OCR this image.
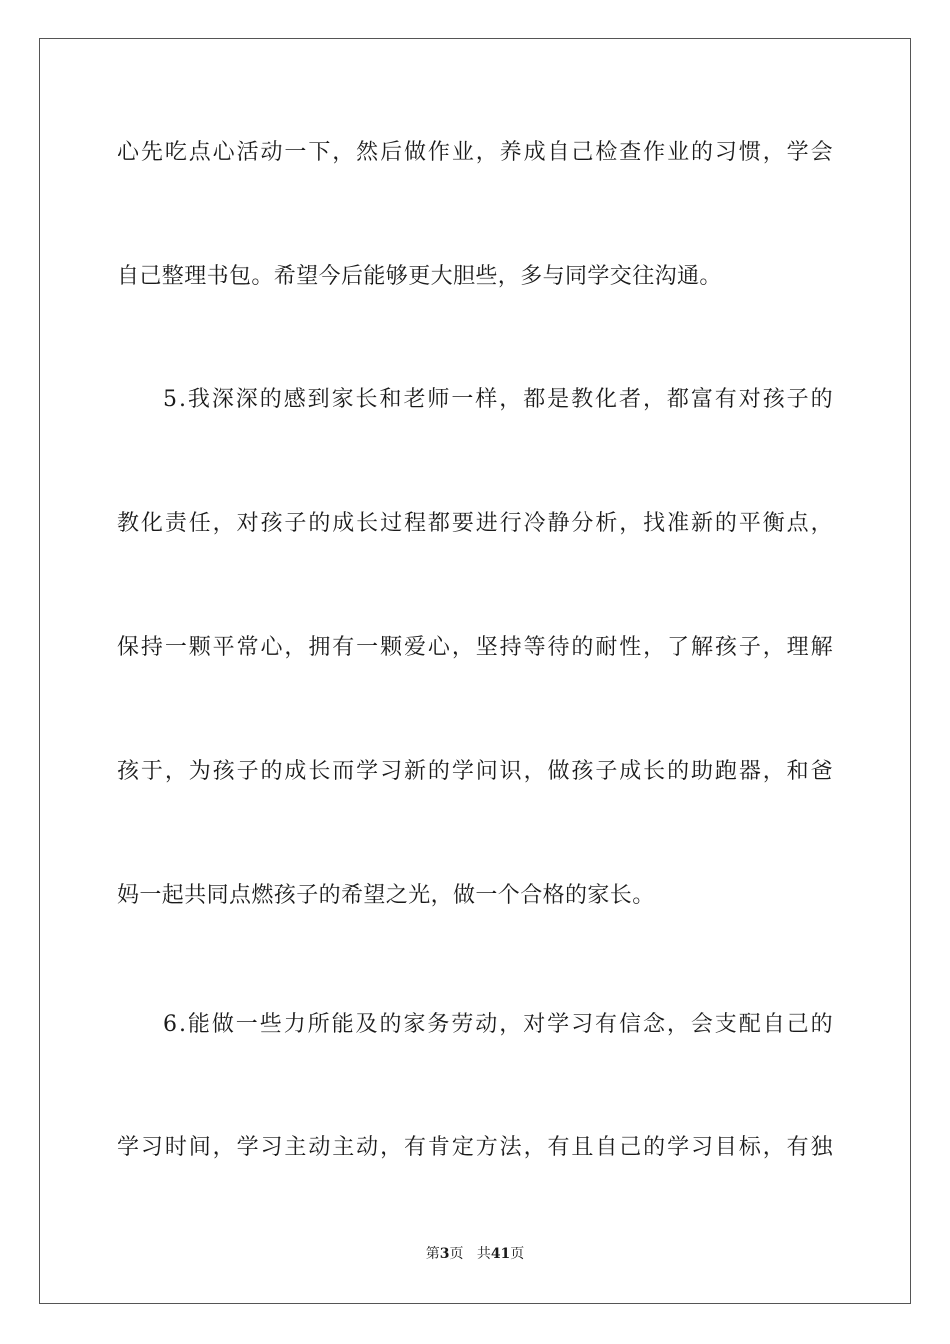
心先吃点心活动一下，然后做作业，养成自己检查作业的习惯，学会
自己整理书包。希望今后能够更大胆些，多与同学交往沟通。
5.我深深的感到家长和老师一样，都是教化者，都富有对孩子的
教化责任，对孩子的成长过程都要进行冷静分析，找准新的平衡点，
保持一颗平常心，拥有一颗爱心，坚持等待的耐性，了解孩子，理解
孩于，为孩子的成长而学习新的学问识，做孩子成长的助跑器，和爸
妈一起共同点燃孩子的希望之光，做一个合格的家长。
6.能做一些力所能及的家务劳动，对学习有信念，会支配自己的
学习时间，学习主动主动，有肯定方法，有且自己的学习目标，有独
第3页 共41页
